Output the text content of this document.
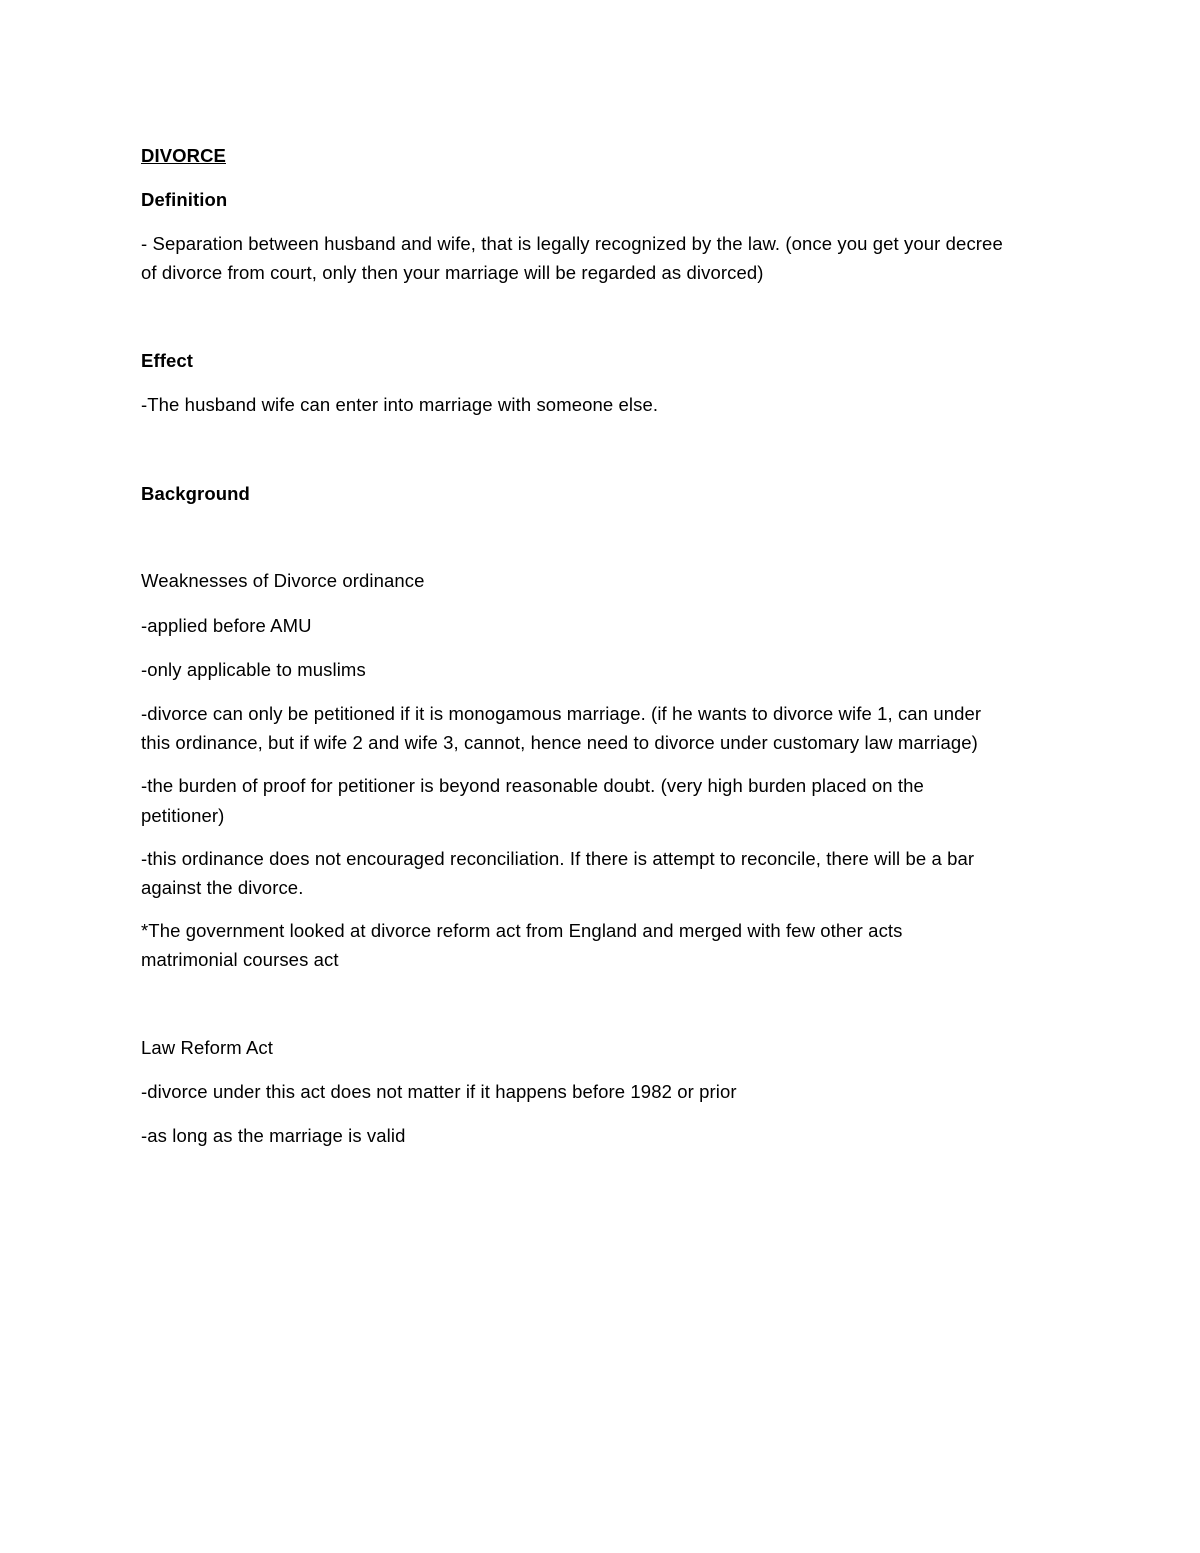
DIVORCE
Definition
- Separation between husband and wife, that is legally recognized by the law. (once you get your decree
of divorce from court, only then your marriage will be regarded as divorced)
Effect
-The husband wife can enter into marriage with someone else.
Background
Weaknesses of Divorce ordinance
-applied before AMU
-only applicable to muslims
-divorce can only be petitioned if it is monogamous marriage. (if he wants to divorce wife 1, can under
this ordinance, but if wife 2 and wife 3, cannot, hence need to divorce under customary law marriage)
-the burden of proof for petitioner is beyond reasonable doubt. (very high burden placed on the
petitioner)
-this ordinance does not encouraged reconciliation. If there is attempt to reconcile, there will be a bar
against the divorce.
*The government looked at divorce reform act from England and merged with few other acts
matrimonial courses act
Law Reform Act
-divorce under this act does not matter if it happens before 1982 or prior
-as long as the marriage is valid
